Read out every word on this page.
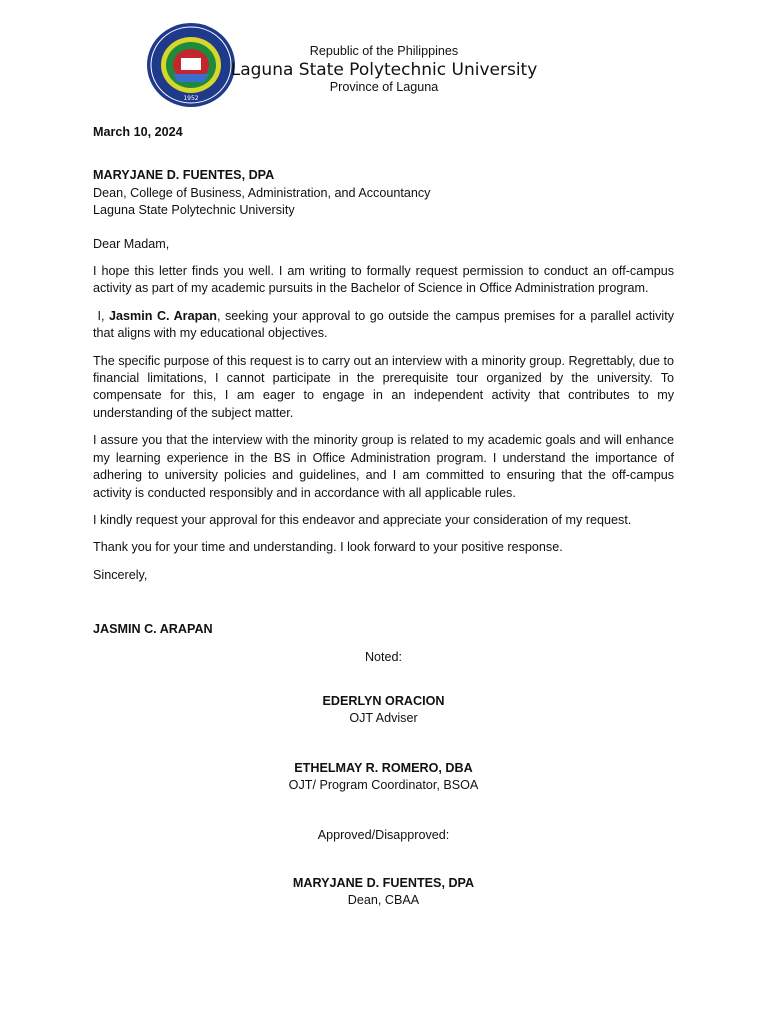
1952
Republic of the Philippines
Laguna State Polytechnic University
Province of Laguna
March 10, 2024
MARYJANE D. FUENTES, DPA
Dean, College of Business, Administration, and Accountancy
Laguna State Polytechnic University
Dear Madam,

I hope this letter finds you well. I am writing to formally request permission to conduct an off-campus activity as part of my academic pursuits in the Bachelor of Science in Office Administration program.

I, Jasmin C. Arapan, seeking your approval to go outside the campus premises for a parallel activity that aligns with my educational objectives.

The specific purpose of this request is to carry out an interview with a minority group. Regrettably, due to financial limitations, I cannot participate in the prerequisite tour organized by the university. To compensate for this, I am eager to engage in an independent activity that contributes to my understanding of the subject matter.

I assure you that the interview with the minority group is related to my academic goals and will enhance my learning experience in the BS in Office Administration program. I understand the importance of adhering to university policies and guidelines, and I am committed to ensuring that the off-campus activity is conducted responsibly and in accordance with all applicable rules.

I kindly request your approval for this endeavor and appreciate your consideration of my request.

Thank you for your time and understanding. I look forward to your positive response.

Sincerely,
JASMIN C. ARAPAN
Noted:
EDERLYN ORACION
OJT Adviser
ETHELMAY R. ROMERO, DBA
OJT/ Program Coordinator, BSOA
Approved/Disapproved:
MARYJANE D. FUENTES, DPA
Dean, CBAA
